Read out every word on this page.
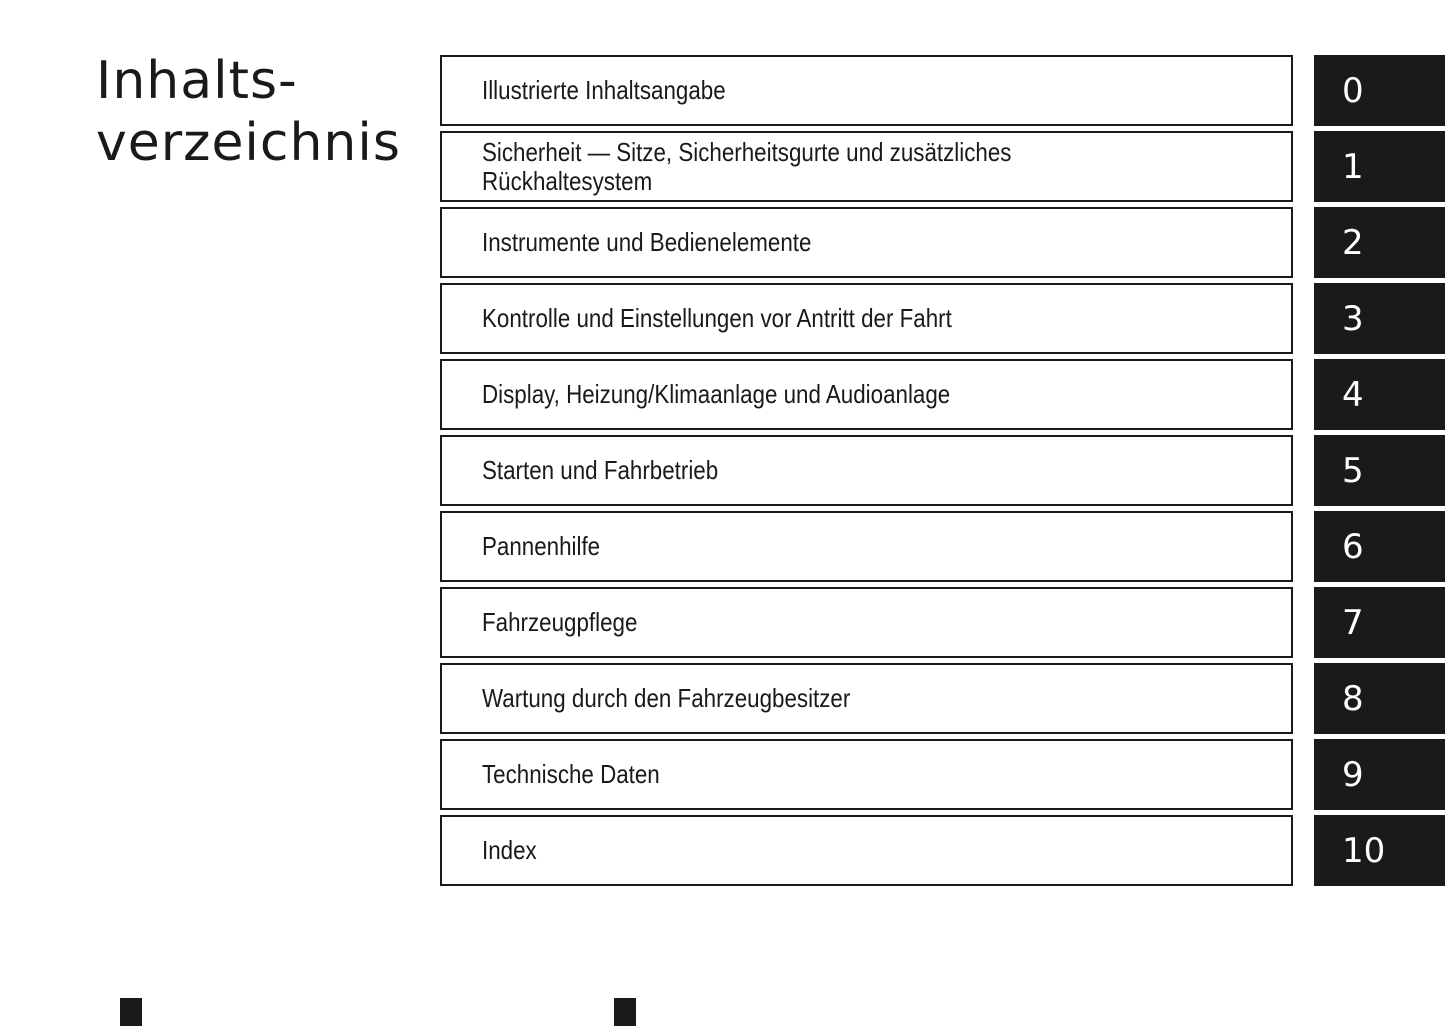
Inhalts-
verzeichnis
Illustrierte Inhaltsangabe	0
Sicherheit — Sitze, Sicherheitsgurte und zusätzliches
Rückhaltesystem	1
Instrumente und Bedienelemente	2
Kontrolle und Einstellungen vor Antritt der Fahrt	3
Display, Heizung/Klimaanlage und Audioanlage	4
Starten und Fahrbetrieb	5
Pannenhilfe	6
Fahrzeugpflege	7
Wartung durch den Fahrzeugbesitzer	8
Technische Daten	9
Index	10
